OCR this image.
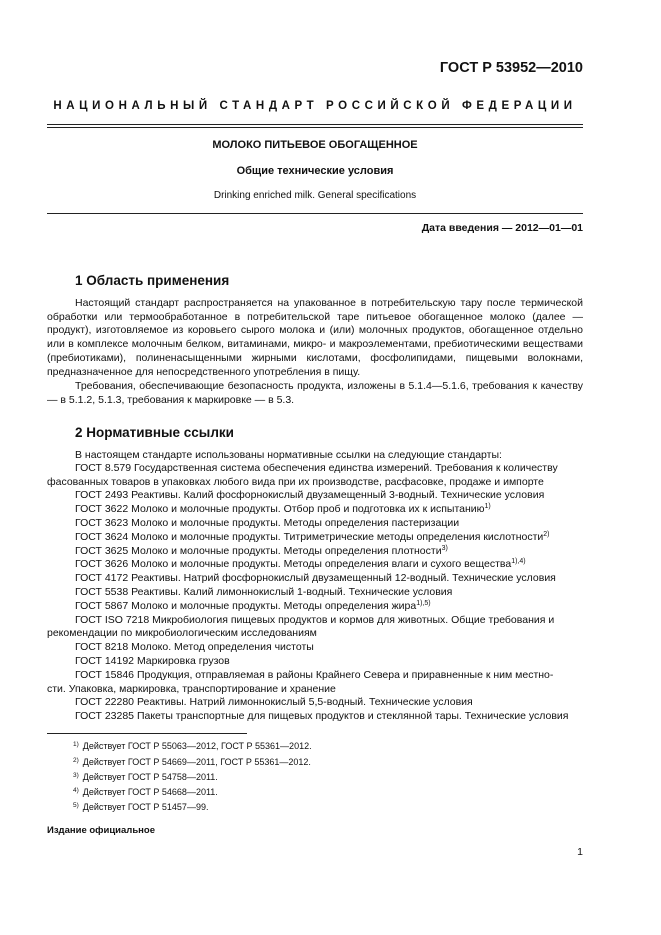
ГОСТ Р 53952—2010
НАЦИОНАЛЬНЫЙ СТАНДАРТ РОССИЙСКОЙ ФЕДЕРАЦИИ
МОЛОКО ПИТЬЕВОЕ ОБОГАЩЕННОЕ
Общие технические условия
Drinking enriched milk. General specifications
Дата введения — 2012—01—01
1 Область применения
Настоящий стандарт распространяется на упакованное в потребительскую тару после термической обработки или термообработанное в потребительской таре питьевое обогащенное молоко (далее — продукт), изготовляемое из коровьего сырого молока и (или) молочных продуктов, обогащенное отдельно или в комплексе молочным белком, витаминами, микро- и макроэлементами, пребиотическими веществами (пребиотиками), полиненасыщенными жирными кислотами, фосфолипидами, пищевыми волокнами, предназначенное для непосредственного употребления в пищу.
Требования, обеспечивающие безопасность продукта, изложены в 5.1.4—5.1.6, требования к качеству — в 5.1.2, 5.1.3, требования к маркировке — в 5.3.
2 Нормативные ссылки
В настоящем стандарте использованы нормативные ссылки на следующие стандарты:
ГОСТ 8.579 Государственная система обеспечения единства измерений. Требования к количеству
фасованных товаров в упаковках любого вида при их производстве, расфасовке, продаже и импорте
ГОСТ 2493 Реактивы. Калий фосфорнокислый двузамещенный 3-водный. Технические условия
ГОСТ 3622 Молоко и молочные продукты. Отбор проб и подготовка их к испытанию$^{1)}$
ГОСТ 3623 Молоко и молочные продукты. Методы определения пастеризации
ГОСТ 3624 Молоко и молочные продукты. Титриметрические методы определения кислотности$^{2)}$
ГОСТ 3625 Молоко и молочные продукты. Методы определения плотности$^{3)}$
ГОСТ 3626 Молоко и молочные продукты. Методы определения влаги и сухого вещества$^{1),4)}$
ГОСТ 4172 Реактивы. Натрий фосфорнокислый двузамещенный 12-водный. Технические условия
ГОСТ 5538 Реактивы. Калий лимоннокислый 1-водный. Технические условия
ГОСТ 5867 Молоко и молочные продукты. Методы определения жира$^{1),5)}$
ГОСТ ISO 7218 Микробиология пищевых продуктов и кормов для животных. Общие требования и
рекомендации по микробиологическим исследованиям
ГОСТ 8218 Молоко. Метод определения чистоты
ГОСТ 14192 Маркировка грузов
ГОСТ 15846 Продукция, отправляемая в районы Крайнего Севера и приравненные к ним местно-
сти. Упаковка, маркировка, транспортирование и хранение
ГОСТ 22280 Реактивы. Натрий лимоннокислый 5,5-водный. Технические условия
ГОСТ 23285 Пакеты транспортные для пищевых продуктов и стеклянной тары. Технические условия
$^{1)}$ Действует ГОСТ Р 55063—2012, ГОСТ Р 55361—2012.
$^{2)}$ Действует ГОСТ Р 54669—2011, ГОСТ Р 55361—2012.
$^{3)}$ Действует ГОСТ Р 54758—2011.
$^{4)}$ Действует ГОСТ Р 54668—2011.
$^{5)}$ Действует ГОСТ Р 51457—99.
Издание официальное
1
